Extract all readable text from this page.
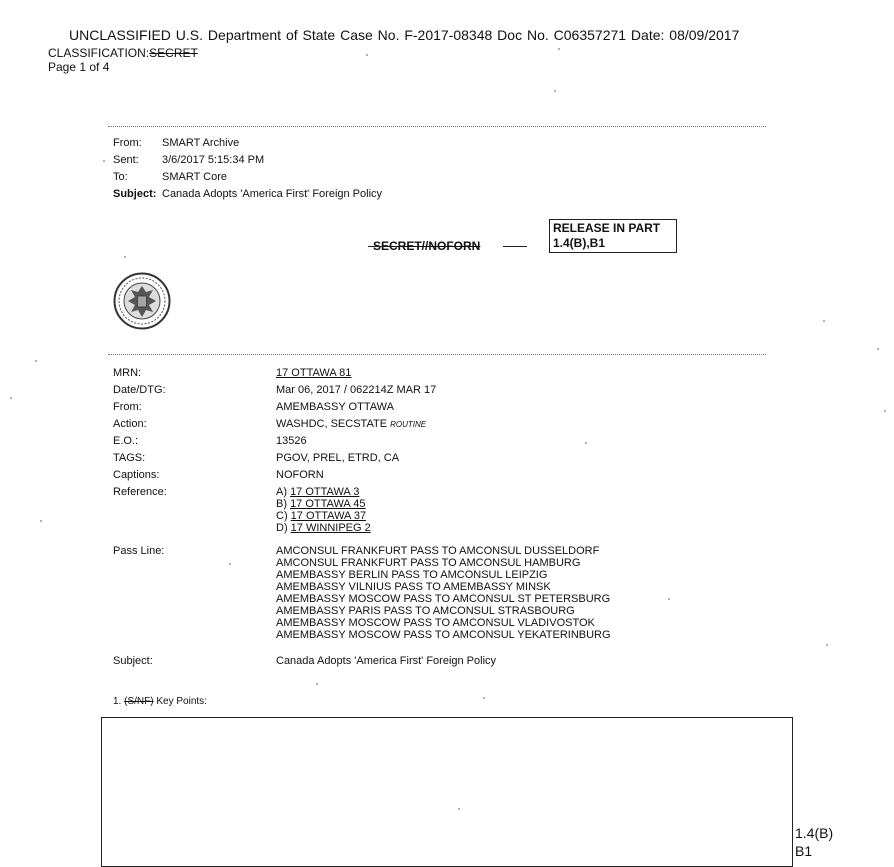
UNCLASSIFIED U.S. Department of State Case No. F-2017-08348 Doc No. C06357271 Date: 08/09/2017
CLASSIFICATION:SECRET
Page 1 of 4
From: SMART Archive
Sent: 3/6/2017 5:15:34 PM
To:	SMART Core
Subject: Canada Adopts 'America First' Foreign Policy
SECRET//NOFORN
RELEASE IN PART
1.4(B),B1
MRN:	17 OTTAWA 81
Date/DTG:	Mar 06, 2017 / 062214Z MAR 17
From:	AMEMBASSY OTTAWA
Action:	WASHDC, SECSTATE ROUTINE
E.O.:	13526
TAGS:	PGOV, PREL, ETRD, CA
Captions:	NOFORN
Reference:	A) 17 OTTAWA 3
B) 17 OTTAWA 45
C) 17 OTTAWA 37
D) 17 WINNIPEG 2
Pass Line:	AMCONSUL FRANKFURT PASS TO AMCONSUL DUSSELDORF
AMCONSUL FRANKFURT PASS TO AMCONSUL HAMBURG
AMEMBASSY BERLIN PASS TO AMCONSUL LEIPZIG
AMEMBASSY VILNIUS PASS TO AMEMBASSY MINSK
AMEMBASSY MOSCOW PASS TO AMCONSUL ST PETERSBURG
AMEMBASSY PARIS PASS TO AMCONSUL STRASBOURG
AMEMBASSY MOSCOW PASS TO AMCONSUL VLADIVOSTOK
AMEMBASSY MOSCOW PASS TO AMCONSUL YEKATERINBURG
Subject:	Canada Adopts 'America First' Foreign Policy
1. (S/NF) Key Points:
1.4(B)
B1
